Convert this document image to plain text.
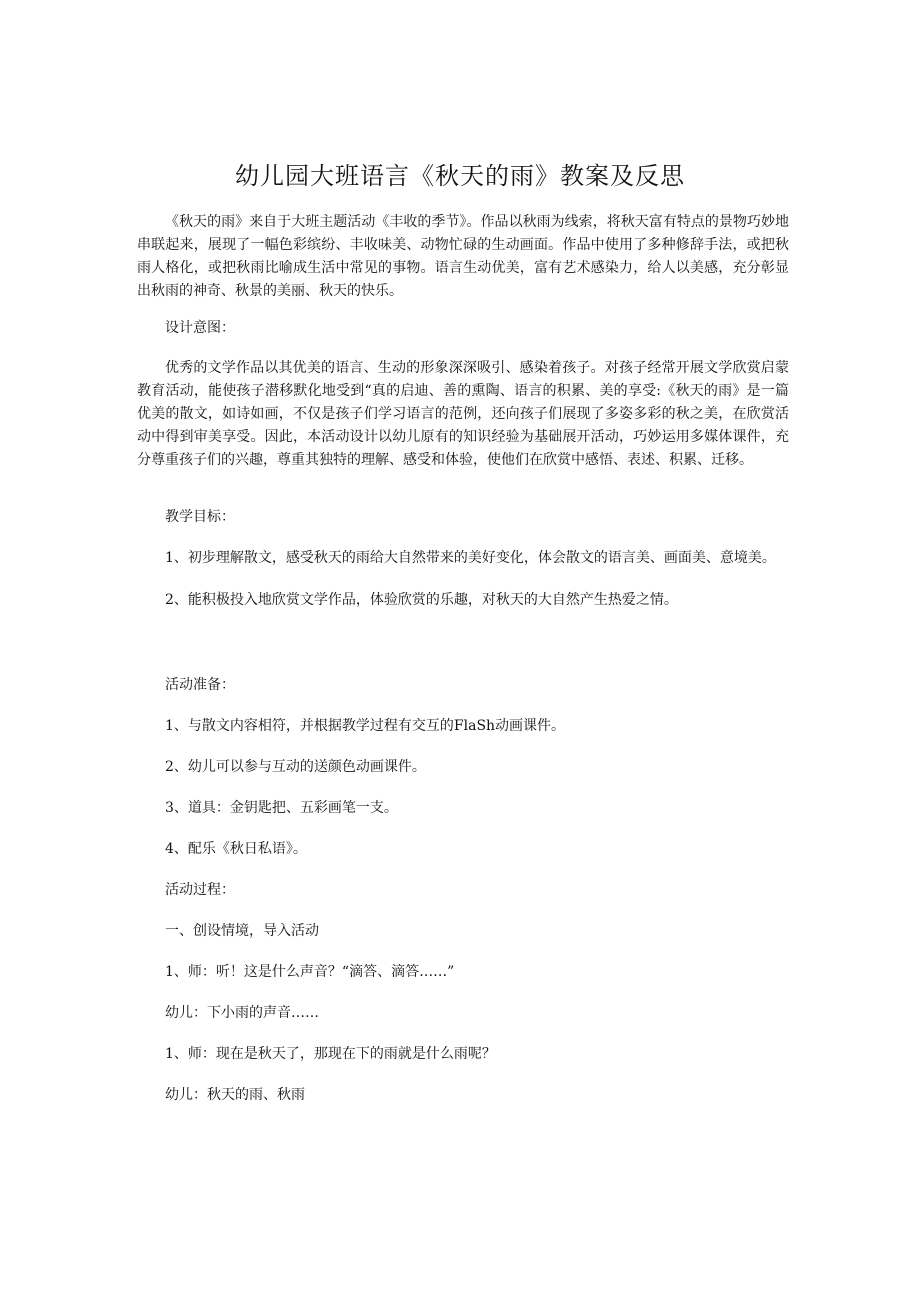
幼儿园大班语言《秋天的雨》教案及反思

《秋天的雨》来自于大班主题活动《丰收的季节》。作品以秋雨为线索，将秋天富有特点的景物巧妙地串联起来，展现了一幅色彩缤纷、丰收味美、动物忙碌的生动画面。作品中使用了多种修辞手法，或把秋雨人格化，或把秋雨比喻成生活中常见的事物。语言生动优美，富有艺术感染力，给人以美感，充分彰显出秋雨的神奇、秋景的美丽、秋天的快乐。

设计意图：

优秀的文学作品以其优美的语言、生动的形象深深吸引、感染着孩子。对孩子经常开展文学欣赏启蒙教育活动，能使孩子潜移默化地受到“真的启迪、善的熏陶、语言的积累、美的享受:《秋天的雨》是一篇优美的散文，如诗如画，不仅是孩子们学习语言的范例，还向孩子们展现了多姿多彩的秋之美，在欣赏活动中得到审美享受。因此，本活动设计以幼儿原有的知识经验为基础展开活动，巧妙运用多媒体课件，充分尊重孩子们的兴趣，尊重其独特的理解、感受和体验，使他们在欣赏中感悟、表述、积累、迁移。

教学目标：
1、初步理解散文，感受秋天的雨给大自然带来的美好变化，体会散文的语言美、画面美、意境美。
2、能积极投入地欣赏文学作品，体验欣赏的乐趣，对秋天的大自然产生热爱之情。
活动准备：
1、与散文内容相符，并根据教学过程有交互的FlaSh动画课件。
2、幼儿可以参与互动的送颜色动画课件。
3、道具：金钥匙把、五彩画笔一支。
4、配乐《秋日私语》。
活动过程：
一、创设情境，导入活动
1、师：听！这是什么声音？“滴答、滴答……”
幼儿：下小雨的声音……
1、师：现在是秋天了，那现在下的雨就是什么雨呢？
幼儿：秋天的雨、秋雨
